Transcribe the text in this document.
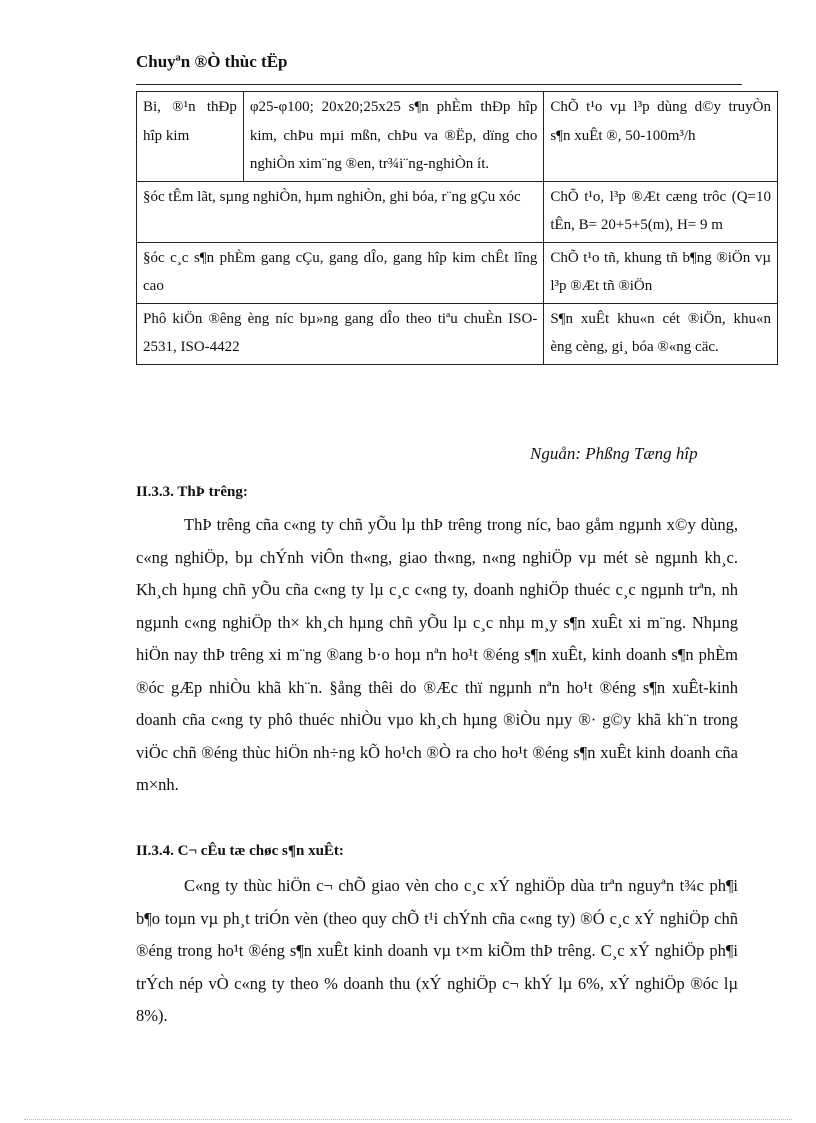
Chuyªn ®Ò thùc tËp
Bi, ®¹n thÐp hîp kim	φ25-φ100; 20x20;25x25 s¶n phÈm thÐp hîp kim, chÞu mµi mßn, chÞu va ®Ëp, dïng cho nghiÒn xim¨ng ®en, tr¾i¨ng-nghiÒn ít.	ChÕ t¹o vµ l³p dùng d©y truyÒn s¶n xuÊt ®, 50-100m³/h
§óc tÊm lãt, sµng nghiÒn, hµm nghiÒn, ghi bóa, r¨ng gÇu xóc		ChÕ t¹o, l³p ®Æt cæng trôc (Q=10 tÊn, B= 20+5+5(m), H= 9 m
§óc c¸c s¶n phÈm gang cÇu, gang dÎo, gang hîp kim chÊt lîng cao		ChÕ t¹o tñ, khung tñ b¶ng ®iÖn vµ l³p ®Æt tñ ®iÖn
Phô kiÖn ®êng èng níc bµ»ng gang dÎo theo tiªu chuÈn ISO-2531, ISO-4422		S¶n xuÊt khu«n cét ®iÖn, khu«n èng cèng, gi¸ bóa ®«ng cäc.
Nguån: Phßng Tæng hîp
II.3.3. ThÞ trêng:

ThÞ trêng cña c«ng ty chñ yÕu lµ thÞ trêng trong níc, bao gåm ngµnh x©y dùng, c«ng nghiÖp, bµ chÝnh viÔn th«ng, giao th«ng, n«ng nghiÖp vµ mét sè ngµnh kh¸c. Kh¸ch hµng chñ yÕu cña c«ng ty lµ c¸c c«ng ty, doanh nghiÖp thuéc c¸c ngµnh trªn, nh ngµnh c«ng nghiÖp th× kh¸ch hµng chñ yÕu lµ c¸c nhµ m¸y s¶n xuÊt xi m¨ng. Nhµng hiÖn nay thÞ trêng xi m¨ng ®ang b·o hoµ nªn ho¹t ®éng s¶n xuÊt, kinh doanh s¶n phÈm ®óc gÆp nhiÒu khã kh¨n. §ång thêi do ®Æc thï ngµnh nªn ho¹t ®éng s¶n xuÊt-kinh doanh cña c«ng ty phô thuéc nhiÒu vµo kh¸ch hµng ®iÒu nµy ®· g©y khã kh¨n trong viÖc chñ ®éng thùc hiÖn nh÷ng kÕ ho¹ch ®Ò ra cho ho¹t ®éng s¶n xuÊt kinh doanh cña m×nh.

II.3.4. C¬ cÊu tæ chøc s¶n xuÊt:

C«ng ty thùc hiÖn c¬ chÕ giao vèn cho c¸c xÝ nghiÖp dùa trªn nguyªn t¾c ph¶i b¶o toµn vµ ph¸t triÓn vèn (theo quy chÕ t¹i chÝnh cña c«ng ty) ®Ó c¸c xÝ nghiÖp chñ ®éng trong ho¹t ®éng s¶n xuÊt kinh doanh vµ t×m kiÕm thÞ trêng. C¸c xÝ nghiÖp ph¶i trÝch nép vÒ c«ng ty theo % doanh thu (xÝ nghiÖp c¬ khÝ lµ 6%, xÝ nghiÖp ®óc lµ 8%).
